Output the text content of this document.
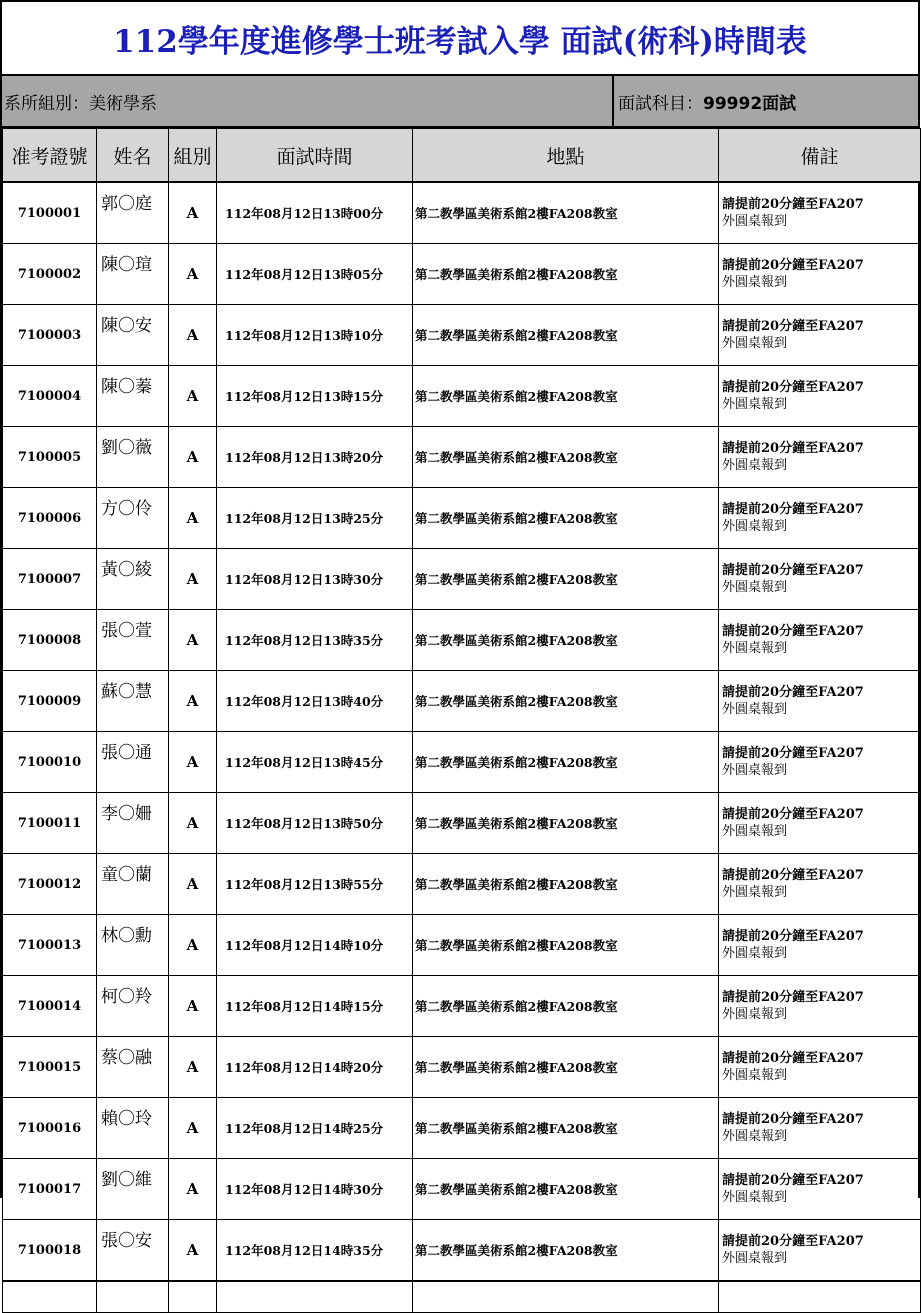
112學年度進修學士班考試入學 面試(術科)時間表
系所組別：美術學系	面試科目： 99992面試
准考證號	姓名	組別	面試時間	地點	備註
7100001	郭〇庭	A	112年08月12日13時00分	第二教學區美術系館2樓FA208教室	請提前20分鐘至FA207
外圓桌報到

7100002	陳〇瑄	A	112年08月12日13時05分	第二教學區美術系館2樓FA208教室	請提前20分鐘至FA207
外圓桌報到

7100003	陳〇安	A	112年08月12日13時10分	第二教學區美術系館2樓FA208教室	請提前20分鐘至FA207
外圓桌報到

7100004	陳〇蓁	A	112年08月12日13時15分	第二教學區美術系館2樓FA208教室	請提前20分鐘至FA207
外圓桌報到

7100005	劉〇薇	A	112年08月12日13時20分	第二教學區美術系館2樓FA208教室	請提前20分鐘至FA207
外圓桌報到

7100006	方〇伶	A	112年08月12日13時25分	第二教學區美術系館2樓FA208教室	請提前20分鐘至FA207
外圓桌報到

7100007	黃〇綾	A	112年08月12日13時30分	第二教學區美術系館2樓FA208教室	請提前20分鐘至FA207
外圓桌報到

7100008	張〇萱	A	112年08月12日13時35分	第二教學區美術系館2樓FA208教室	請提前20分鐘至FA207
外圓桌報到

7100009	蘇〇慧	A	112年08月12日13時40分	第二教學區美術系館2樓FA208教室	請提前20分鐘至FA207
外圓桌報到

7100010	張〇通	A	112年08月12日13時45分	第二教學區美術系館2樓FA208教室	請提前20分鐘至FA207
外圓桌報到

7100011	李〇姍	A	112年08月12日13時50分	第二教學區美術系館2樓FA208教室	請提前20分鐘至FA207
外圓桌報到

7100012	童〇蘭	A	112年08月12日13時55分	第二教學區美術系館2樓FA208教室	請提前20分鐘至FA207
外圓桌報到

7100013	林〇勳	A	112年08月12日14時10分	第二教學區美術系館2樓FA208教室	請提前20分鐘至FA207
外圓桌報到

7100014	柯〇羚	A	112年08月12日14時15分	第二教學區美術系館2樓FA208教室	請提前20分鐘至FA207
外圓桌報到

7100015	蔡〇融	A	112年08月12日14時20分	第二教學區美術系館2樓FA208教室	請提前20分鐘至FA207
外圓桌報到

7100016	賴〇玲	A	112年08月12日14時25分	第二教學區美術系館2樓FA208教室	請提前20分鐘至FA207
外圓桌報到

7100017	劉〇維	A	112年08月12日14時30分	第二教學區美術系館2樓FA208教室	請提前20分鐘至FA207
外圓桌報到

7100018	張〇安	A	112年08月12日14時35分	第二教學區美術系館2樓FA208教室	請提前20分鐘至FA207
外圓桌報到
